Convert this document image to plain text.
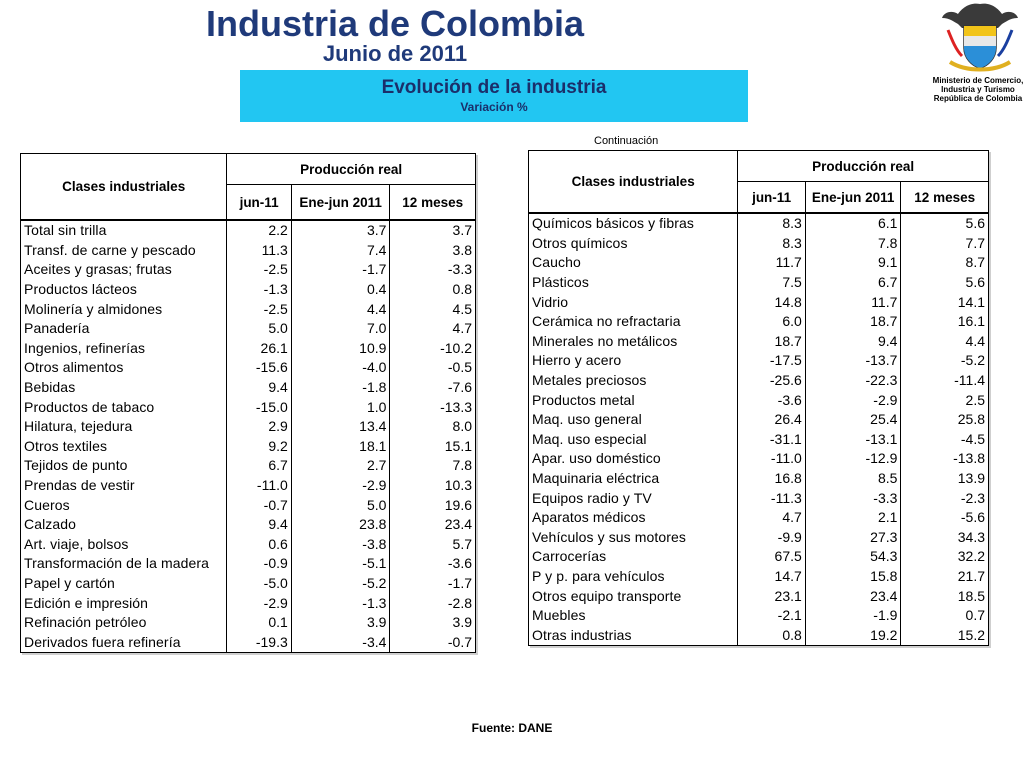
Industria de Colombia
Junio de 2011
Evolución de la industria
Variación %
Ministerio de Comercio,
Industria y Turismo
República de Colombia
Continuación
Clases industriales	Producción real		
	jun-11	Ene-jun 2011	12 meses
Total sin trilla	2.2	3.7	3.7
Transf. de carne y pescado	11.3	7.4	3.8
Aceites y grasas; frutas	-2.5	-1.7	-3.3
Productos lácteos	-1.3	0.4	0.8
Molinería y almidones	-2.5	4.4	4.5
Panadería	5.0	7.0	4.7
Ingenios, refinerías	26.1	10.9	-10.2
Otros alimentos	-15.6	-4.0	-0.5
Bebidas	9.4	-1.8	-7.6
Productos de tabaco	-15.0	1.0	-13.3
Hilatura, tejedura	2.9	13.4	8.0
Otros textiles	9.2	18.1	15.1
Tejidos de punto	6.7	2.7	7.8
Prendas de vestir	-11.0	-2.9	10.3
Cueros	-0.7	5.0	19.6
Calzado	9.4	23.8	23.4
Art. viaje, bolsos	0.6	-3.8	5.7
Transformación de la madera	-0.9	-5.1	-3.6
Papel y cartón	-5.0	-5.2	-1.7
Edición e impresión	-2.9	-1.3	-2.8
Refinación petróleo	0.1	3.9	3.9
Derivados fuera refinería	-19.3	-3.4	-0.7
Clases industriales	Producción real		
	jun-11	Ene-jun 2011	12 meses
Químicos básicos y fibras	8.3	6.1	5.6
Otros químicos	8.3	7.8	7.7
Caucho	11.7	9.1	8.7
Plásticos	7.5	6.7	5.6
Vidrio	14.8	11.7	14.1
Cerámica no refractaria	6.0	18.7	16.1
Minerales no metálicos	18.7	9.4	4.4
Hierro y acero	-17.5	-13.7	-5.2
Metales preciosos	-25.6	-22.3	-11.4
Productos metal	-3.6	-2.9	2.5
Maq. uso general	26.4	25.4	25.8
Maq. uso especial	-31.1	-13.1	-4.5
Apar. uso doméstico	-11.0	-12.9	-13.8
Maquinaria eléctrica	16.8	8.5	13.9
Equipos radio y TV	-11.3	-3.3	-2.3
Aparatos médicos	4.7	2.1	-5.6
Vehículos y sus motores	-9.9	27.3	34.3
Carrocerías	67.5	54.3	32.2
P y p. para vehículos	14.7	15.8	21.7
Otros equipo transporte	23.1	23.4	18.5
Muebles	-2.1	-1.9	0.7
Otras industrias	0.8	19.2	15.2
Fuente: DANE
